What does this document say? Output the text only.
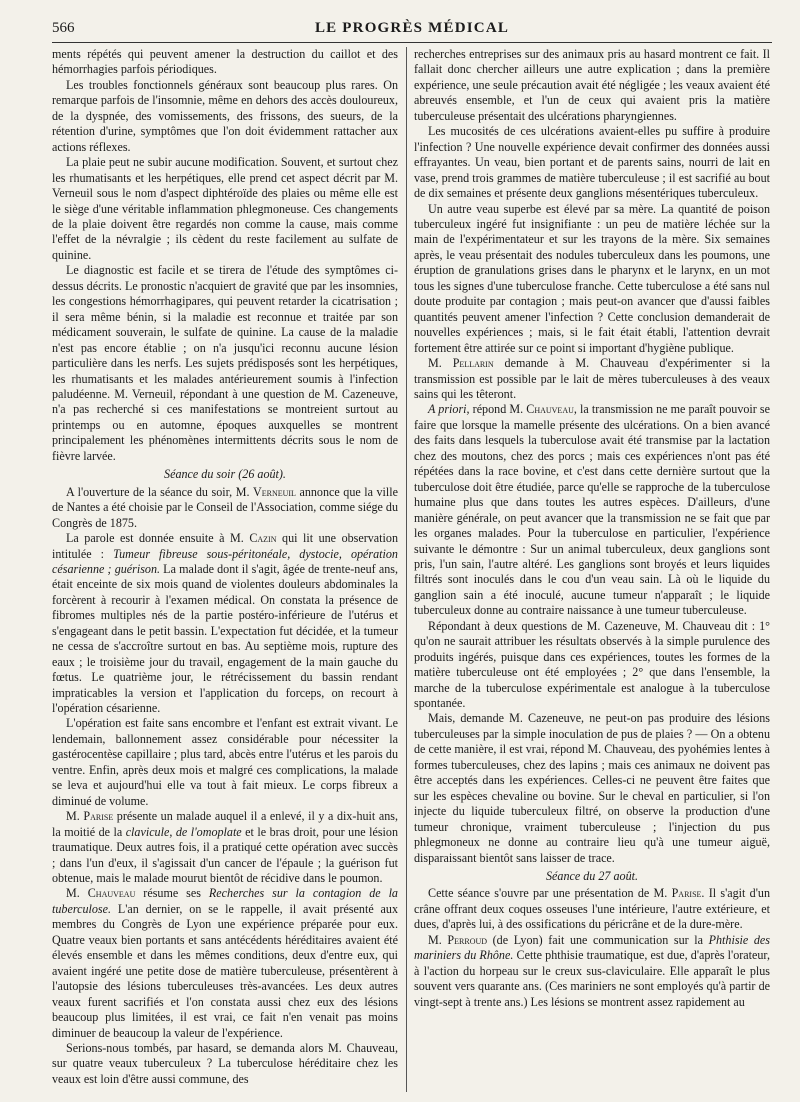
566	LE PROGRÈS MÉDICAL

ments répétés qui peuvent amener la destruction du caillot et des hémorrhagies parfois périodiques.

Les troubles fonctionnels généraux sont beaucoup plus rares. On remarque parfois de l'insomnie, même en dehors des accès douloureux, de la dyspnée, des vomissements, des frissons, des sueurs, de la rétention d'urine, symptômes que l'on doit évidemment rattacher aux actions réflexes.

La plaie peut ne subir aucune modification. Souvent, et surtout chez les rhumatisants et les herpétiques, elle prend cet aspect décrit par M. Verneuil sous le nom d'aspect diphtéroïde des plaies ou même elle est le siège d'une véritable inflammation phlegmoneuse. Ces changements de la plaie doivent être regardés non comme la cause, mais comme l'effet de la névralgie ; ils cèdent du reste facilement au sulfate de quinine.

Le diagnostic est facile et se tirera de l'étude des symptômes ci-dessus décrits. Le pronostic n'acquiert de gravité que par les insomnies, les congestions hémorrhagipares, qui peuvent retarder la cicatrisation ; il sera même bénin, si la maladie est reconnue et traitée par son médicament souverain, le sulfate de quinine. La cause de la maladie n'est pas encore établie ; on n'a jusqu'ici reconnu aucune lésion particulière dans les nerfs. Les sujets prédisposés sont les herpétiques, les rhumatisants et les malades antérieurement soumis à l'infection paludéenne. M. Verneuil, répondant à une question de M. Cazeneuve, n'a pas recherché si ces manifestations se montreient surtout au printemps ou en automne, époques auxquelles se montrent principalement les phénomènes intermittents décrits sous le nom de fièvre larvée.

Séance du soir (26 août).

A l'ouverture de la séance du soir, M. Verneuil annonce que la ville de Nantes a été choisie par le Conseil de l'Association, comme siége du Congrès de 1875.

La parole est donnée ensuite à M. Cazin qui lit une observation intitulée : Tumeur fibreuse sous-péritonéale, dystocie, opération césarienne ; guérison. La malade dont il s'agit, âgée de trente-neuf ans, était enceinte de six mois quand de violentes douleurs abdominales la forcèrent à recourir à l'examen médical. On constata la présence de fibromes multiples nés de la partie postéro-inférieure de l'utérus et s'engageant dans le petit bassin. L'expectation fut décidée, et la tumeur ne cessa de s'accroître surtout en bas. Au septième mois, rupture des eaux ; le troisième jour du travail, engagement de la main gauche du fœtus. Le quatrième jour, le rétrécissement du bassin rendant impraticables la version et l'application du forceps, on recourt à l'opération césarienne.

L'opération est faite sans encombre et l'enfant est extrait vivant. Le lendemain, ballonnement assez considérable pour nécessiter la gastérocentèse capillaire ; plus tard, abcès entre l'utérus et les parois du ventre. Enfin, après deux mois et malgré ces complications, la malade se leva et aujourd'hui elle va tout à fait mieux. Le corps fibreux a diminué de volume.

M. Parise présente un malade auquel il a enlevé, il y a dix-huit ans, la moitié de la clavicule, de l'omoplate et le bras droit, pour une lésion traumatique. Deux autres fois, il a pratiqué cette opération avec succès ; dans l'un d'eux, il s'agissait d'un cancer de l'épaule ; la guérison fut obtenue, mais le malade mourut bientôt de récidive dans le poumon.

M. Chauveau résume ses Recherches sur la contagion de la tuberculose. L'an dernier, on se le rappelle, il avait présenté aux membres du Congrès de Lyon une expérience préparée pour eux. Quatre veaux bien portants et sans antécédents héréditaires avaient été élevés ensemble et dans les mêmes conditions, deux d'entre eux, qui avaient ingéré une petite dose de matière tuberculeuse, présentèrent à l'autopsie des lésions tuberculeuses très-avancées. Les deux autres veaux furent sacrifiés et l'on constata aussi chez eux des lésions beaucoup plus limitées, il est vrai, ce fait n'en venait pas moins diminuer de beaucoup la valeur de l'expérience.

Serions-nous tombés, par hasard, se demanda alors M. Chauveau, sur quatre veaux tuberculeux ? La tuberculose héréditaire chez les veaux est loin d'être aussi commune, des

recherches entreprises sur des animaux pris au hasard montrent ce fait. Il fallait donc chercher ailleurs une autre explication ; dans la première expérience, une seule précaution avait été négligée ; les veaux avaient été abreuvés ensemble, et l'un de ceux qui avaient pris la matière tuberculeuse présentait des ulcérations pharyngiennes.

Les mucosités de ces ulcérations avaient-elles pu suffire à produire l'infection ? Une nouvelle expérience devait confirmer des données aussi effrayantes. Un veau, bien portant et de parents sains, nourri de lait en vase, prend trois grammes de matière tuberculeuse ; il est sacrifié au bout de dix semaines et présente deux ganglions mésentériques tuberculeux.

Un autre veau superbe est élevé par sa mère. La quantité de poison tuberculeux ingéré fut insignifiante : un peu de matière léchée sur la main de l'expérimentateur et sur les trayons de la mère. Six semaines après, le veau présentait des nodules tuberculeux dans les poumons, une éruption de granulations grises dans le pharynx et le larynx, en un mot tous les signes d'une tuberculose franche. Cette tuberculose a été sans nul doute produite par contagion ; mais peut-on avancer que d'aussi faibles quantités peuvent amener l'infection ? Cette conclusion demanderait de nouvelles expériences ; mais, si le fait était établi, l'attention devrait fortement être attirée sur ce point si important d'hygiène publique.

M. Pellarin demande à M. Chauveau d'expérimenter si la transmission est possible par le lait de mères tuberculeuses à des veaux sains qui les têteront.

A priori, répond M. Chauveau, la transmission ne me paraît pouvoir se faire que lorsque la mamelle présente des ulcérations. On a bien avancé des faits dans lesquels la tuberculose avait été transmise par la lactation chez des moutons, chez des porcs ; mais ces expériences n'ont pas été répétées dans la race bovine, et c'est dans cette dernière surtout que la tuberculose doit être étudiée, parce qu'elle se rapproche de la tuberculose humaine plus que dans toutes les autres espèces. D'ailleurs, d'une manière générale, on peut avancer que la transmission ne se fait que par les organes malades. Pour la tuberculose en particulier, l'expérience suivante le démontre : Sur un animal tuberculeux, deux ganglions sont pris, l'un sain, l'autre altéré. Les ganglions sont broyés et leurs liquides filtrés sont inoculés dans le cou d'un veau sain. Là où le liquide du ganglion sain a été inoculé, aucune tumeur n'apparaît ; le liquide tuberculeux donne au contraire naissance à une tumeur tuberculeuse.

Répondant à deux questions de M. Cazeneuve, M. Chauveau dit : 1° qu'on ne saurait attribuer les résultats observés à la simple purulence des produits ingérés, puisque dans ces expériences, toutes les formes de la matière tuberculeuse ont été employées ; 2° que dans l'ensemble, la marche de la tuberculose expérimentale est analogue à la tuberculose spontanée.

Mais, demande M. Cazeneuve, ne peut-on pas produire des lésions tuberculeuses par la simple inoculation de pus de plaies ? — On a obtenu de cette manière, il est vrai, répond M. Chauveau, des pyohémies lentes à formes tuberculeuses, chez des lapins ; mais ces animaux ne doivent pas être acceptés dans les expériences. Celles-ci ne peuvent être faites que sur les espèces chevaline ou bovine. Sur le cheval en particulier, si l'on injecte du liquide tuberculeux filtré, on observe la production d'une tumeur chronique, vraiment tuberculeuse ; l'injection du pus phlegmoneux ne donne au contraire lieu qu'à une tumeur aiguë, disparaissant bientôt sans laisser de trace.

Séance du 27 août.

Cette séance s'ouvre par une présentation de M. Parise. Il s'agit d'un crâne offrant deux coques osseuses l'une intérieure, l'autre extérieure, et dues, d'après lui, à des ossifications du péricrâne et de la dure-mère.

M. Perroud (de Lyon) fait une communication sur la Phthisie des mariniers du Rhône. Cette phthisie traumatique, est due, d'après l'orateur, à l'action du horpeau sur le creux sus-claviculaire. Elle apparaît le plus souvent vers quarante ans. (Ces mariniers ne sont employés qu'à partir de vingt-sept à trente ans.) Les lésions se montrent assez rapidement au
